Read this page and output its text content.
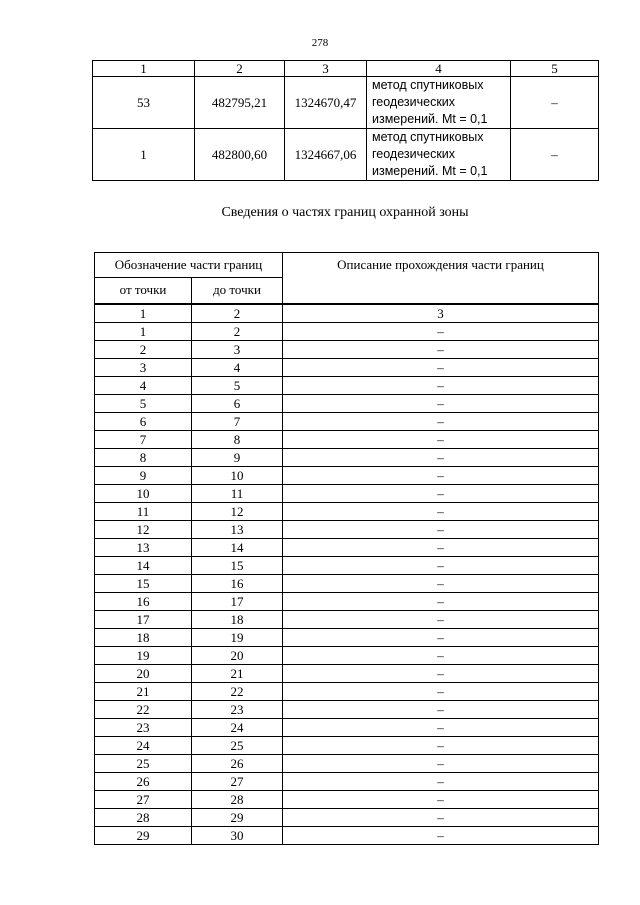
278
1	2	3	4	5
53	482795,21	1324670,47	метод спутниковых
геодезических
измерений. Mt = 0,1	–
1	482800,60	1324667,06	метод спутниковых
геодезических
измерений. Mt = 0,1	–
Сведения о частях границ охранной зоны
Обозначение части границ		Описание прохождения части границ
от точки	до точки	
1	2	3
1	2	–
2	3	–
3	4	–
4	5	–
5	6	–
6	7	–
7	8	–
8	9	–
9	10	–
10	11	–
11	12	–
12	13	–
13	14	–
14	15	–
15	16	–
16	17	–
17	18	–
18	19	–
19	20	–
20	21	–
21	22	–
22	23	–
23	24	–
24	25	–
25	26	–
26	27	–
27	28	–
28	29	–
29	30	–
